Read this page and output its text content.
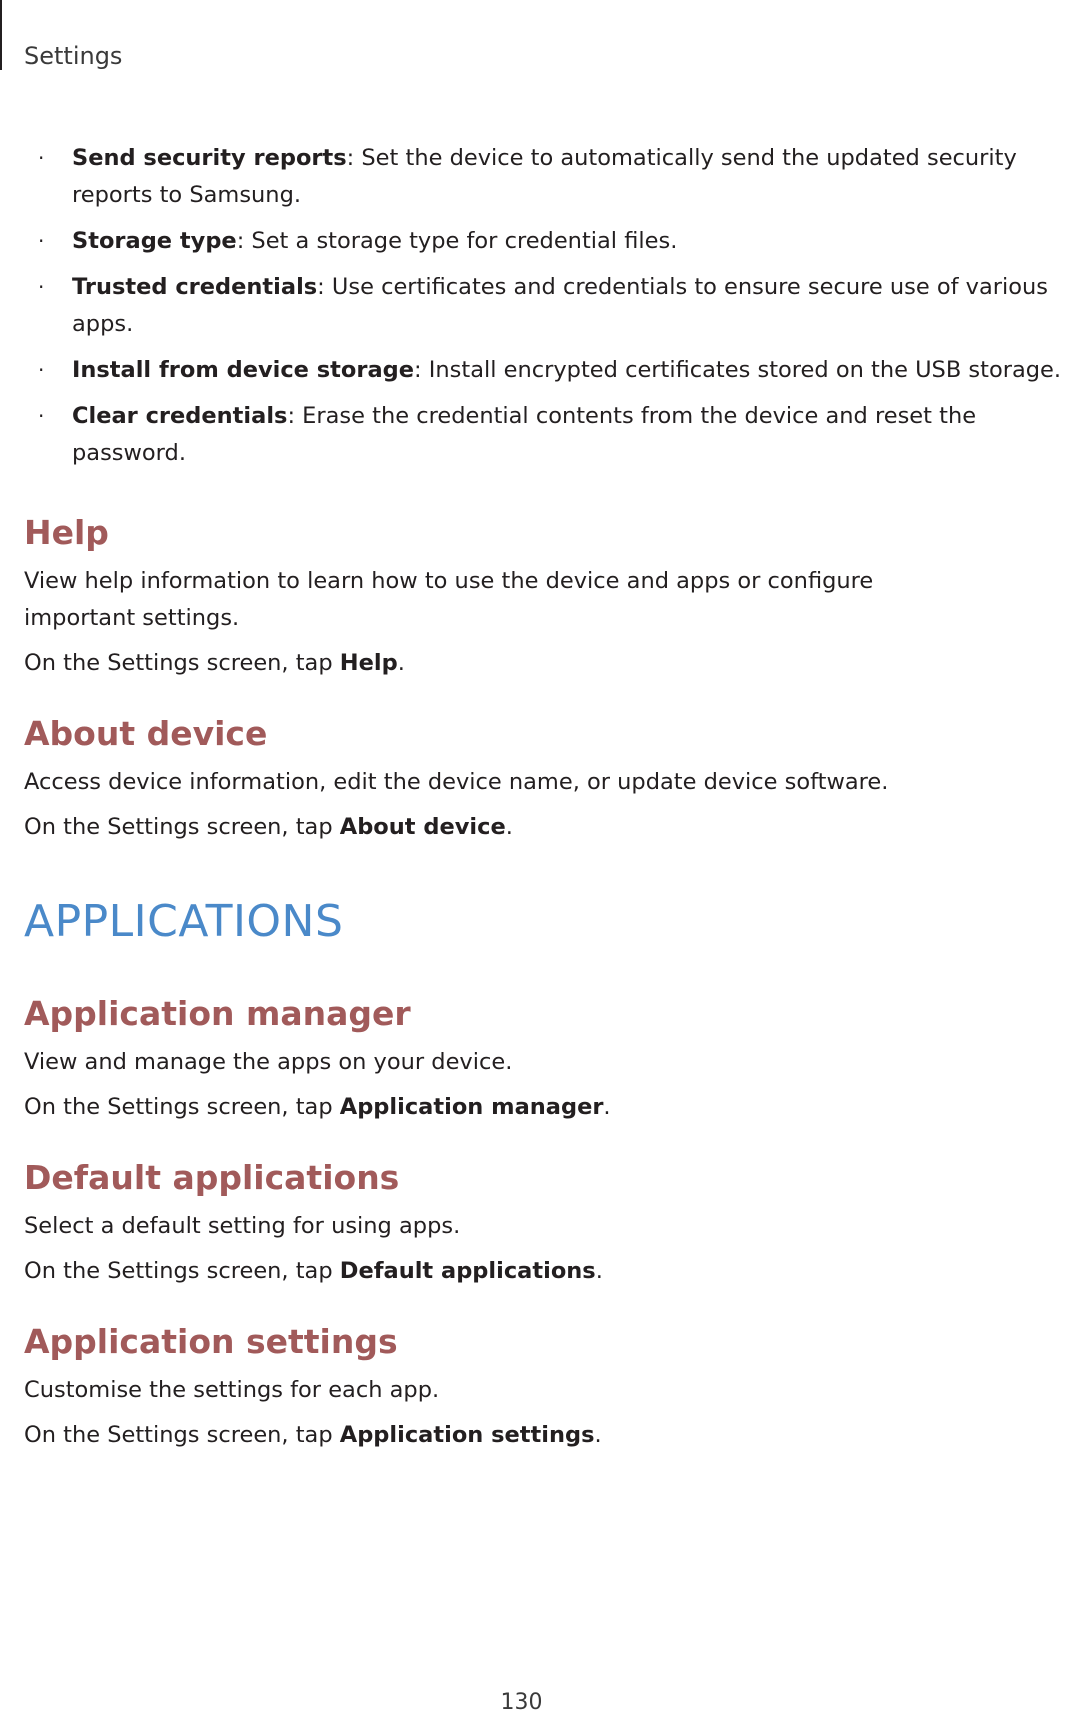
Settings
· Send security reports: Set the device to automatically send the updated security reports to Samsung.
· Storage type: Set a storage type for credential files.
· Trusted credentials: Use certificates and credentials to ensure secure use of various apps.
· Install from device storage: Install encrypted certificates stored on the USB storage.
· Clear credentials: Erase the credential contents from the device and reset the password.
Help

View help information to learn how to use the device and apps or configure important settings.

On the Settings screen, tap Help.

About device

Access device information, edit the device name, or update device software.

On the Settings screen, tap About device.

APPLICATIONS
Application manager

View and manage the apps on your device.

On the Settings screen, tap Application manager.

Default applications

Select a default setting for using apps.

On the Settings screen, tap Default applications.

Application settings

Customise the settings for each app.

On the Settings screen, tap Application settings.

130
